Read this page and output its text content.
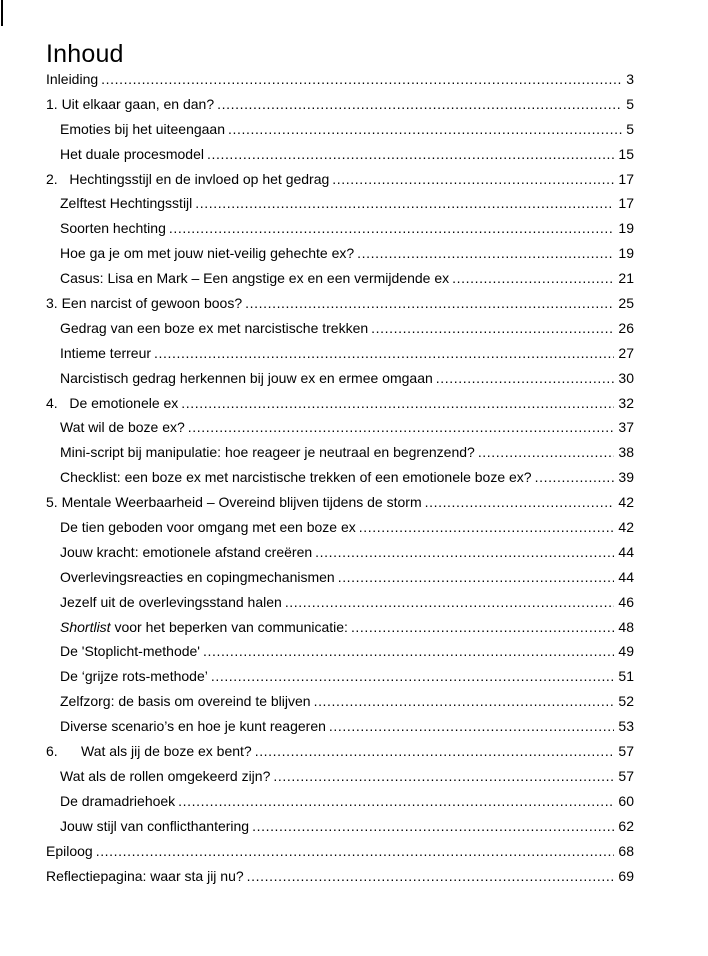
Inhoud
Inleiding .....	3
1. Uit elkaar gaan, en dan? .....	5
Emoties bij het uiteengaan .....	5
Het duale procesmodel .....	15
2.   Hechtingsstijl en de invloed op het gedrag .....	17
Zelftest Hechtingsstijl .....	17
Soorten hechting .....	19
Hoe ga je om met jouw niet-veilig gehechte ex? .....	19
Casus: Lisa en Mark – Een angstige ex en een vermijdende ex .....	21
3. Een narcist of gewoon boos? .....	25
Gedrag van een boze ex met narcistische trekken .....	26
Intieme terreur .....	27
Narcistisch gedrag herkennen bij jouw ex en ermee omgaan .....	30
4.   De emotionele ex .....	32
Wat wil de boze ex? .....	37
Mini-script bij manipulatie: hoe reageer je neutraal en begrenzend? .....	38
Checklist: een boze ex met narcistische trekken of een emotionele boze ex? .....	39
5. Mentale Weerbaarheid – Overeind blijven tijdens de storm .....	42
De tien geboden voor omgang met een boze ex .....	42
Jouw kracht: emotionele afstand creëren .....	44
Overlevingsreacties en copingmechanismen .....	44
Jezelf uit de overlevingsstand halen .....	46
Shortlist voor het beperken van communicatie: .....	48
De 'Stoplicht-methode' .....	49
De ‘grijze rots-methode’ .....	51
Zelfzorg: de basis om overeind te blijven .....	52
Diverse scenario’s en hoe je kunt reageren .....	53
6.      Wat als jij de boze ex bent? .....	57
Wat als de rollen omgekeerd zijn? .....	57
De dramadriehoek .....	60
Jouw stijl van conflicthantering .....	62
Epiloog .....	68
Reflectiepagina: waar sta jij nu? .....	69
